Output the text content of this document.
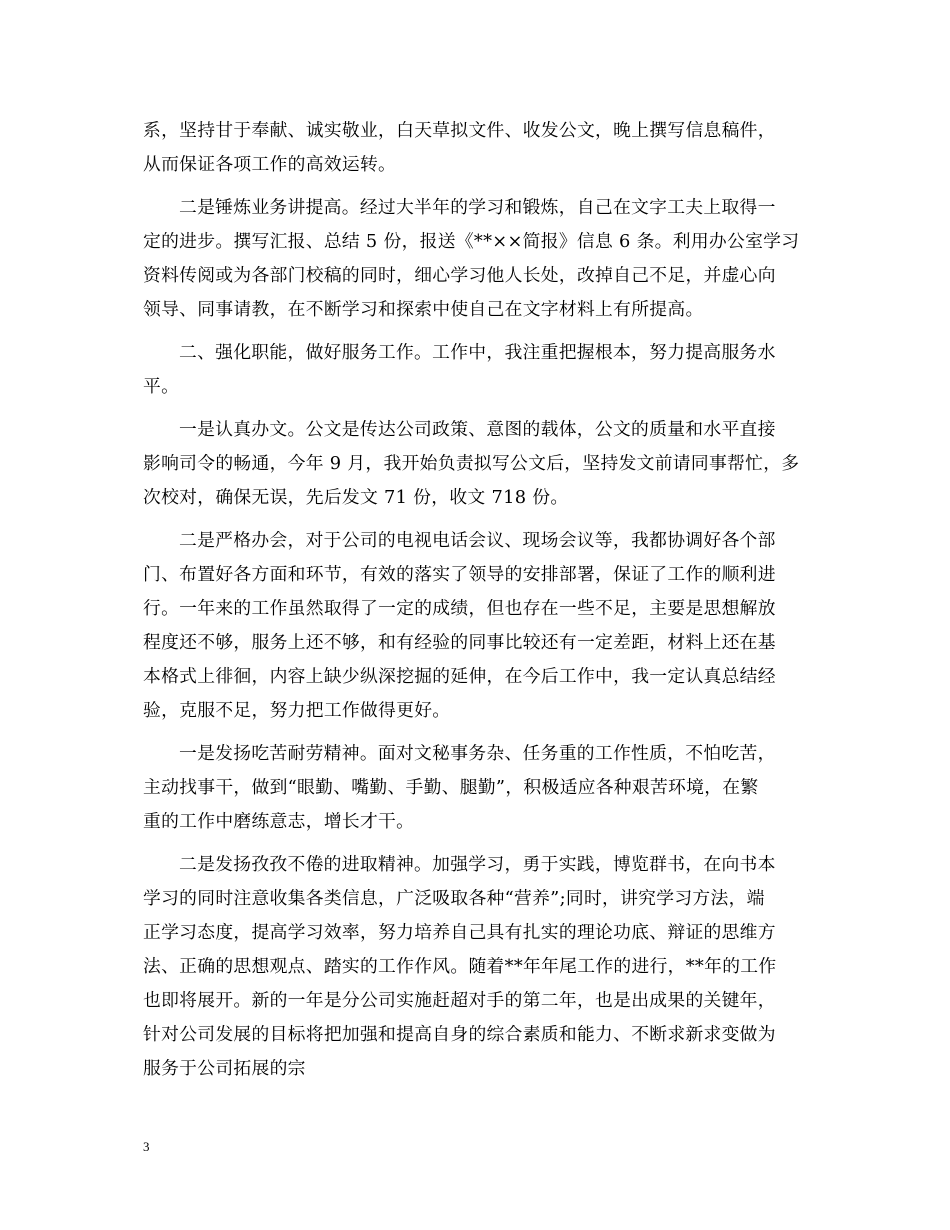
系，坚持甘于奉献、诚实敬业，白天草拟文件、收发公文，晚上撰写信息稿件，
从而保证各项工作的高效运转。
二是锤炼业务讲提高。经过大半年的学习和锻炼，自己在文字工夫上取得一
定的进步。撰写汇报、总结 5 份，报送《**××简报》信息 6 条。利用办公室学习
资料传阅或为各部门校稿的同时，细心学习他人长处，改掉自己不足，并虚心向
领导、同事请教，在不断学习和探索中使自己在文字材料上有所提高。
二、强化职能，做好服务工作。工作中，我注重把握根本，努力提高服务水
平。
一是认真办文。公文是传达公司政策、意图的载体，公文的质量和水平直接
影响司令的畅通，今年 9 月，我开始负责拟写公文后，坚持发文前请同事帮忙，多
次校对，确保无误，先后发文 71 份，收文 718 份。
二是严格办会，对于公司的电视电话会议、现场会议等，我都协调好各个部
门、布置好各方面和环节，有效的落实了领导的安排部署，保证了工作的顺利进
行。一年来的工作虽然取得了一定的成绩，但也存在一些不足，主要是思想解放
程度还不够，服务上还不够，和有经验的同事比较还有一定差距，材料上还在基
本格式上徘徊，内容上缺少纵深挖掘的延伸，在今后工作中，我一定认真总结经
验，克服不足，努力把工作做得更好。
一是发扬吃苦耐劳精神。面对文秘事务杂、任务重的工作性质，不怕吃苦，
主动找事干，做到“眼勤、嘴勤、手勤、腿勤”，积极适应各种艰苦环境，在繁
重的工作中磨练意志，增长才干。
二是发扬孜孜不倦的进取精神。加强学习，勇于实践，博览群书，在向书本
学习的同时注意收集各类信息，广泛吸取各种“营养”;同时，讲究学习方法，端
正学习态度，提高学习效率，努力培养自己具有扎实的理论功底、辩证的思维方
法、正确的思想观点、踏实的工作作风。随着**年年尾工作的进行，**年的工作
也即将展开。新的一年是分公司实施赶超对手的第二年，也是出成果的关键年，
针对公司发展的目标将把加强和提高自身的综合素质和能力、不断求新求变做为
服务于公司拓展的宗
3
